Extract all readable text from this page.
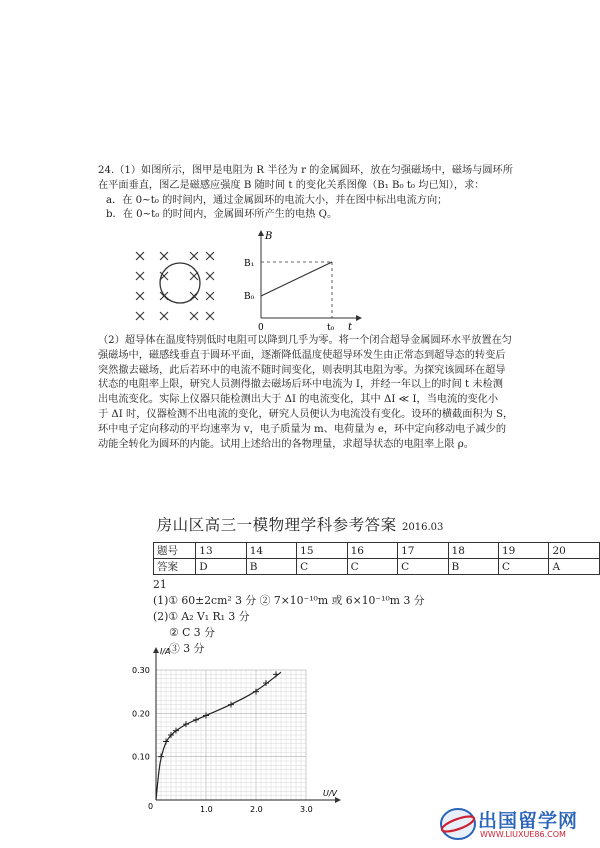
24.（1）如图所示，图甲是电阻为 R 半径为 r 的金属圆环，放在匀强磁场中，磁场与圆环所

在平面垂直，图乙是磁感应强度 B 随时间 t 的变化关系图像（B₁ B₀ t₀ 均已知），求：

a．在 0~t₀ 的时间内，通过金属圆环的电流大小，并在图中标出电流方向；

b．在 0~t₀ 的时间内，金属圆环所产生的电热 Q。

B
B₁
B₀
0	t₀ t

（2）超导体在温度特别低时电阻可以降到几乎为零。将一个闭合超导金属圆环水平放置在匀

强磁场中，磁感线垂直于圆环平面，逐渐降低温度使超导环发生由正常态到超导态的转变后

突然撤去磁场，此后若环中的电流不随时间变化，则表明其电阻为零。为探究该圆环在超导

状态的电阻率上限，研究人员测得撤去磁场后环中电流为 I，并经一年以上的时间 t 未检测

出电流变化。实际上仪器只能检测出大于 ΔI 的电流变化，其中 ΔI ≪ I，当电流的变化小

于 ΔI 时，仪器检测不出电流的变化，研究人员便认为电流没有变化。设环的横截面积为 S，

环中电子定向移动的平均速率为 v，电子质量为 m、电荷量为 e，环中定向移动电子减少的

动能全转化为圆环的内能。试用上述给出的各物理量，求超导状态的电阻率上限 ρ。

房山区高三一模物理学科参考答案 2016.03
题号	13	14	15	16	17	18	19	20
答案	D	B	C	C	C	B	C	A
21
(1)① 60±2cm² 3 分 ② 7×10⁻¹⁰m 或 6×10⁻¹⁰m 3 分
(2)① A₂ V₁ R₁ 3 分
② C 3 分
③ 3 分
0.10
0.20
0.30
1.0	2.0	3.0
0
I/A
U/V
出国留学网
WWW.LIUXUE86.COM
